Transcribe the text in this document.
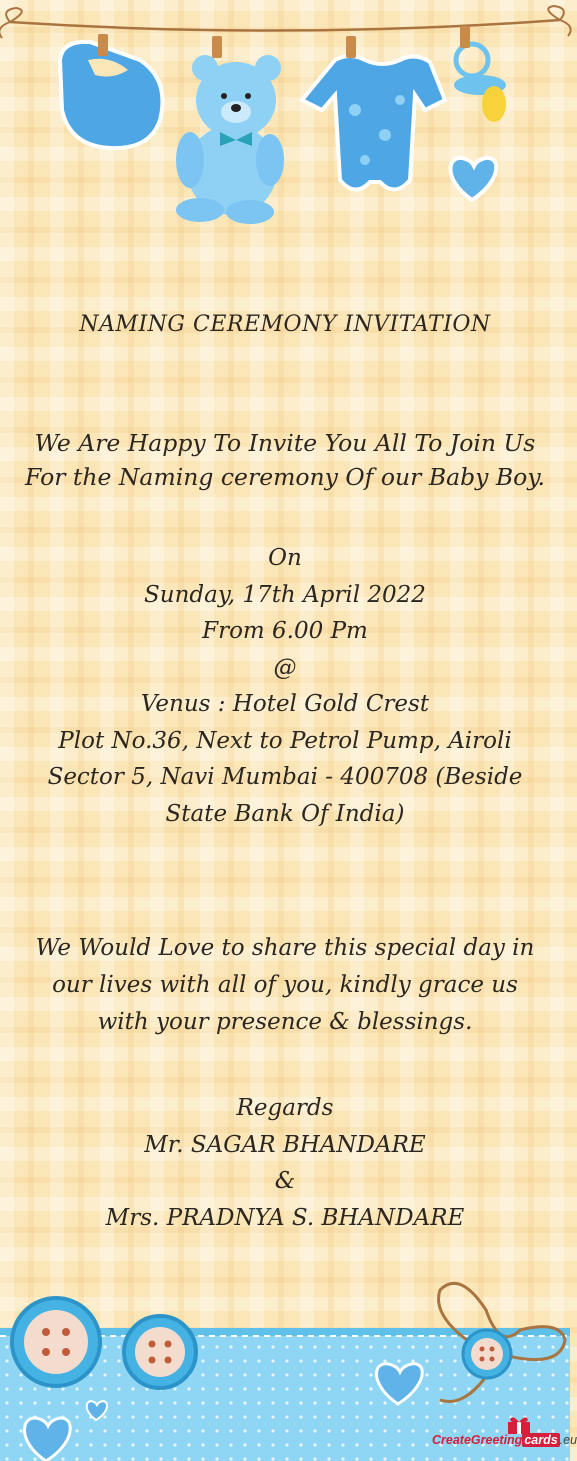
NAMING CEREMONY INVITATION
We Are Happy To Invite You All To Join Us
For the Naming ceremony Of our Baby Boy.
On
Sunday, 17th April 2022
From 6.00 Pm
@
Venus : Hotel Gold Crest
Plot No.36, Next to Petrol Pump, Airoli
Sector 5, Navi Mumbai - 400708 (Beside
State Bank Of India)
We Would Love to share this special day in
our lives with all of you, kindly grace us
with your presence & blessings.
Regards
Mr. SAGAR BHANDARE
&
Mrs. PRADNYA S. BHANDARE
CreateGreeting cards .eu
